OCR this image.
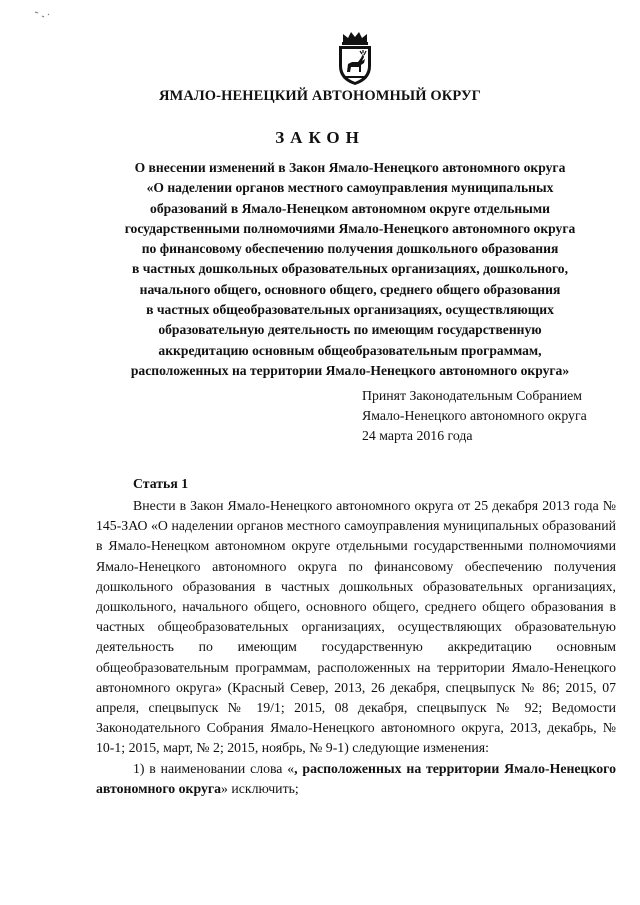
ЯМАЛО-НЕНЕЦКИЙ АВТОНОМНЫЙ ОКРУГ
ЗАКОН
О внесении изменений в Закон Ямало-Ненецкого автономного округа
«О наделении органов местного самоуправления муниципальных
образований в Ямало-Ненецком автономном округе отдельными
государственными полномочиями Ямало-Ненецкого автономного округа
по финансовому обеспечению получения дошкольного образования
в частных дошкольных образовательных организациях, дошкольного,
начального общего, основного общего, среднего общего образования
в частных общеобразовательных организациях, осуществляющих
образовательную деятельность по имеющим государственную
аккредитацию основным общеобразовательным программам,
расположенных на территории Ямало-Ненецкого автономного округа»
Принят Законодательным Собранием
Ямало-Ненецкого автономного округа
24 марта 2016 года
Статья 1

Внести в Закон Ямало-Ненецкого автономного округа от 25 декабря 2013 года № 145-ЗАО «О наделении органов местного самоуправления муниципальных образований в Ямало-Ненецком автономном округе отдельными государственными полномочиями Ямало-Ненецкого автономного округа по финансовому обеспечению получения дошкольного образования в частных дошкольных образовательных организациях, дошкольного, начального общего, основного общего, среднего общего образования в частных общеобразовательных организациях, осуществляющих образовательную деятельность по имеющим государственную аккредитацию основным общеобразовательным программам, расположенных на территории Ямало-Ненецкого автономного округа» (Красный Север, 2013, 26 декабря, спецвыпуск № 86; 2015, 07 апреля, спецвыпуск № 19/1; 2015, 08 декабря, спецвыпуск № 92; Ведомости Законодательного Собрания Ямало-Ненецкого автономного округа, 2013, декабрь, № 10-1; 2015, март, № 2; 2015, ноябрь, № 9-1) следующие изменения:

1) в наименовании слова «, расположенных на территории Ямало-Ненецкого автономного округа» исключить;
